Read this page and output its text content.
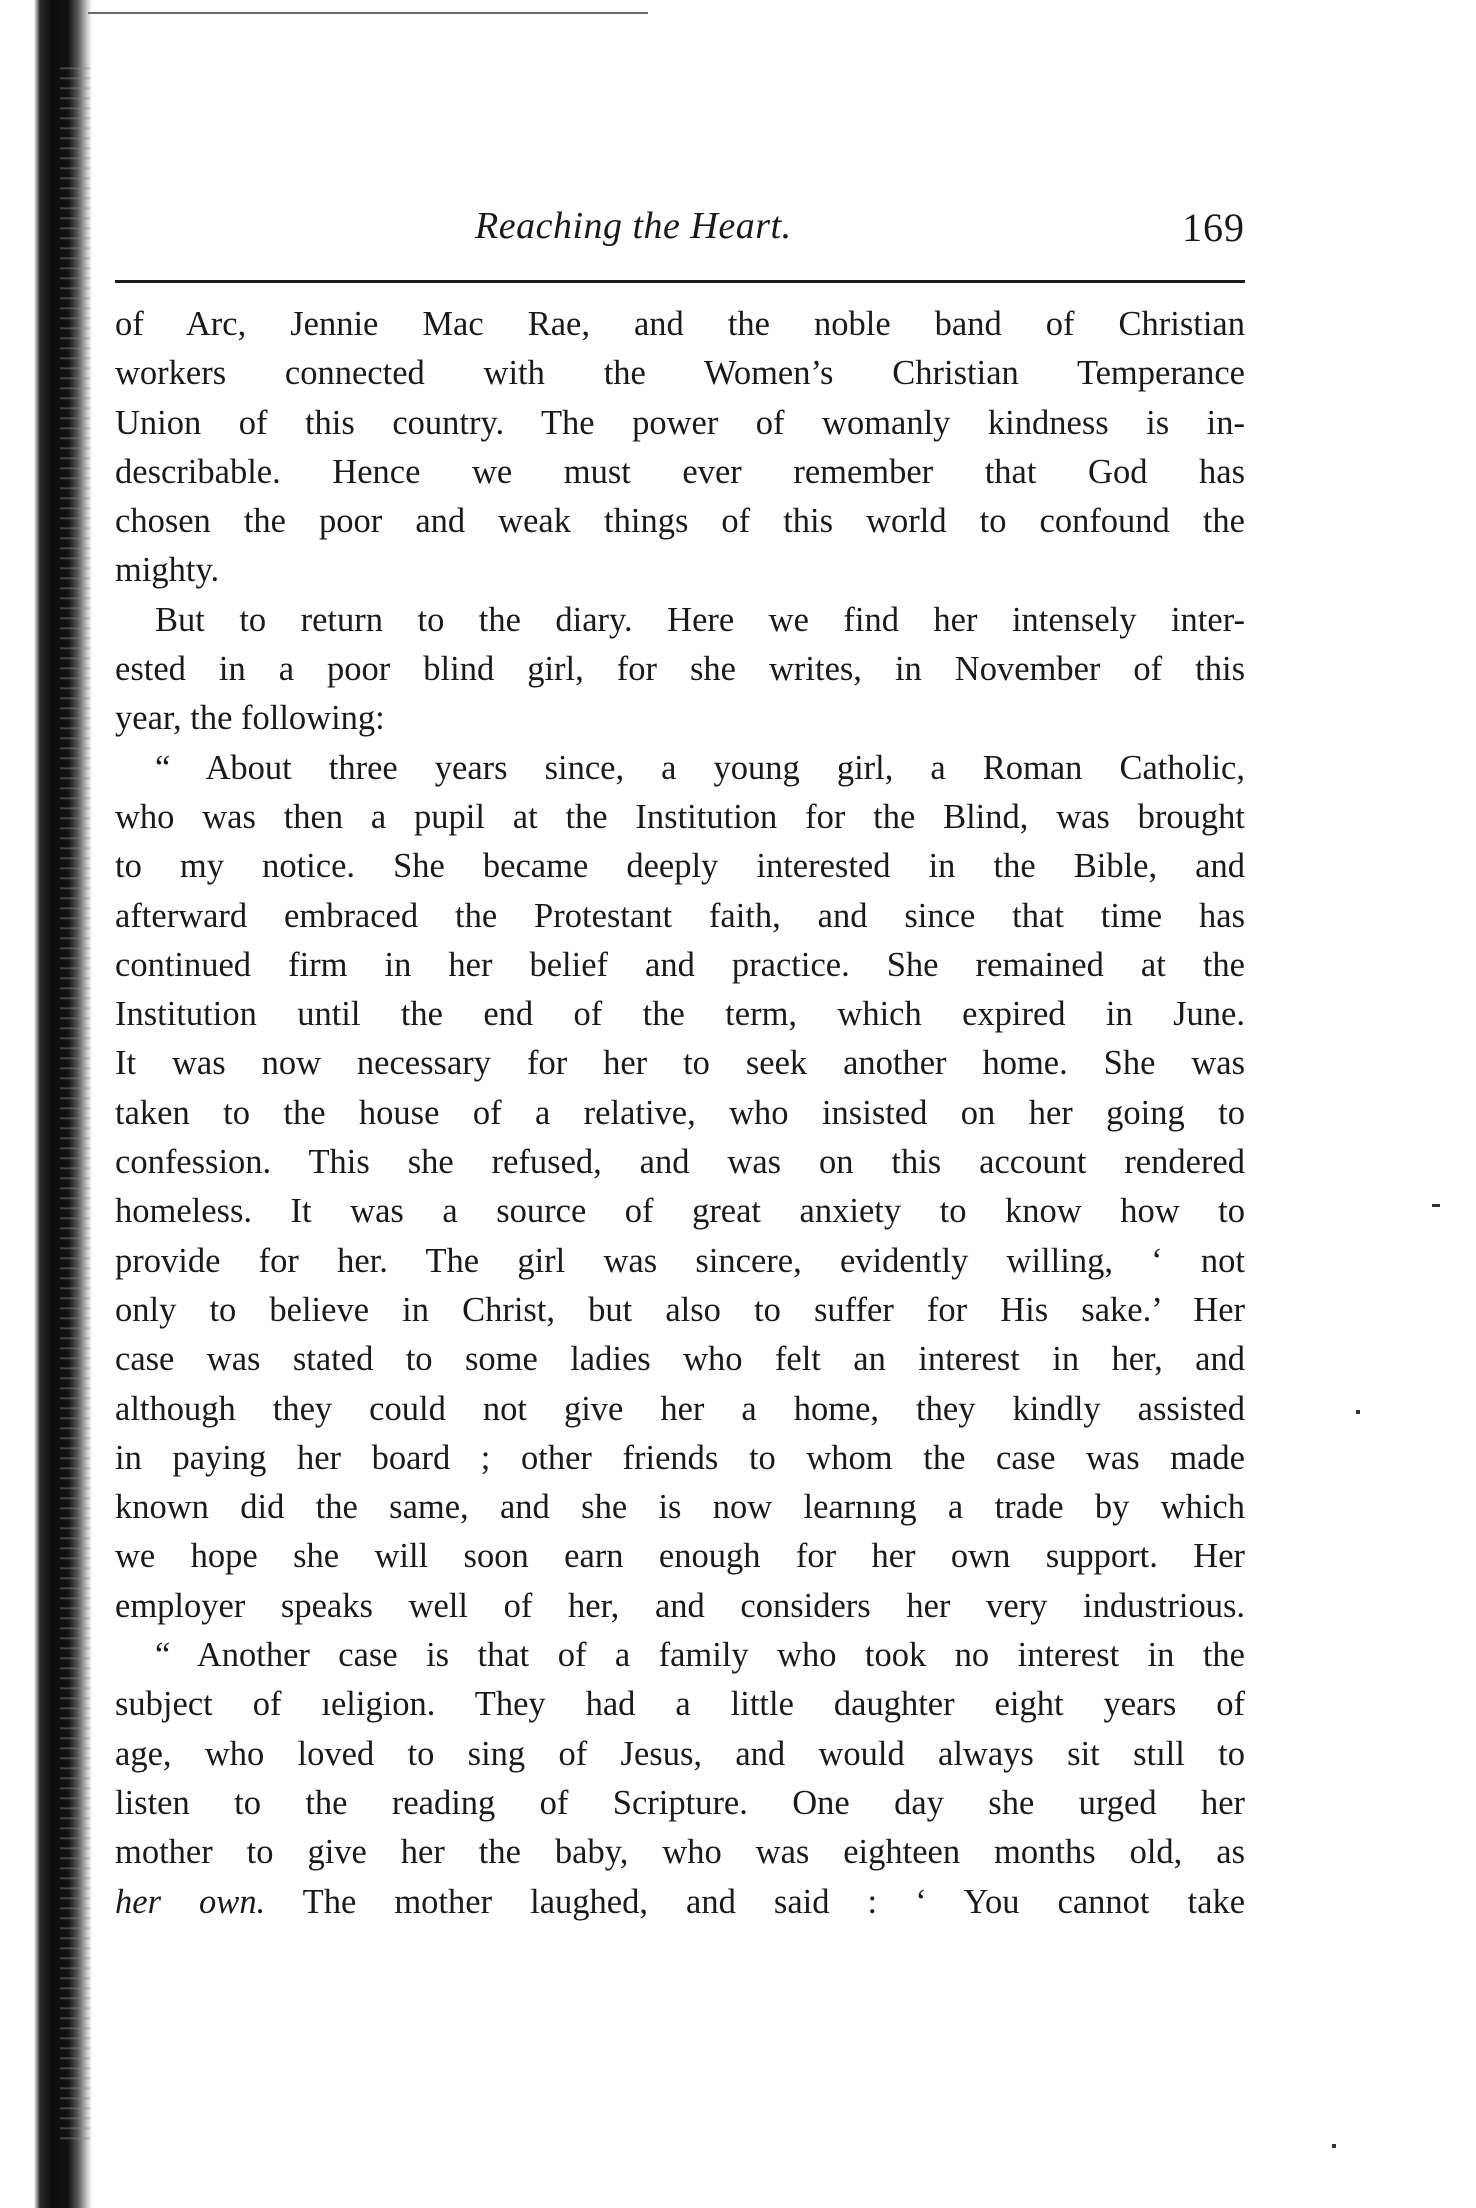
Reaching the Heart.	169
of Arc, Jennie Mac Rae, and the noble band of Christian
workers connected with the Women’s Christian Temperance
Union of this country. The power of womanly kindness is in-
describable. Hence we must ever remember that God has
chosen the poor and weak things of this world to confound the
mighty.
But to return to the diary. Here we find her intensely inter-
ested in a poor blind girl, for she writes, in November of this
year, the following:
“ About three years since, a young girl, a Roman Catholic,
who was then a pupil at the Institution for the Blind, was brought
to my notice. She became deeply interested in the Bible, and
afterward embraced the Protestant faith, and since that time has
continued firm in her belief and practice. She remained at the
Institution until the end of the term, which expired in June.
It was now necessary for her to seek another home. She was
taken to the house of a relative, who insisted on her going to
confession. This she refused, and was on this account rendered
homeless. It was a source of great anxiety to know how to
provide for her. The girl was sincere, evidently willing, ‘ not
only to believe in Christ, but also to suffer for His sake.’ Her
case was stated to some ladies who felt an interest in her, and
although they could not give her a home, they kindly assisted
in paying her board ; other friends to whom the case was made
known did the same, and she is now learnıng a trade by which
we hope she will soon earn enough for her own support. Her
employer speaks well of her, and considers her very industrious.
“ Another case is that of a family who took no interest in the
subject of ıeligion. They had a little daughter eight years of
age, who loved to sing of Jesus, and would always sit stıll to
listen to the reading of Scripture. One day she urged her
mother to give her the baby, who was eighteen months old, as
her own. The mother laughed, and said : ‘ You cannot take
